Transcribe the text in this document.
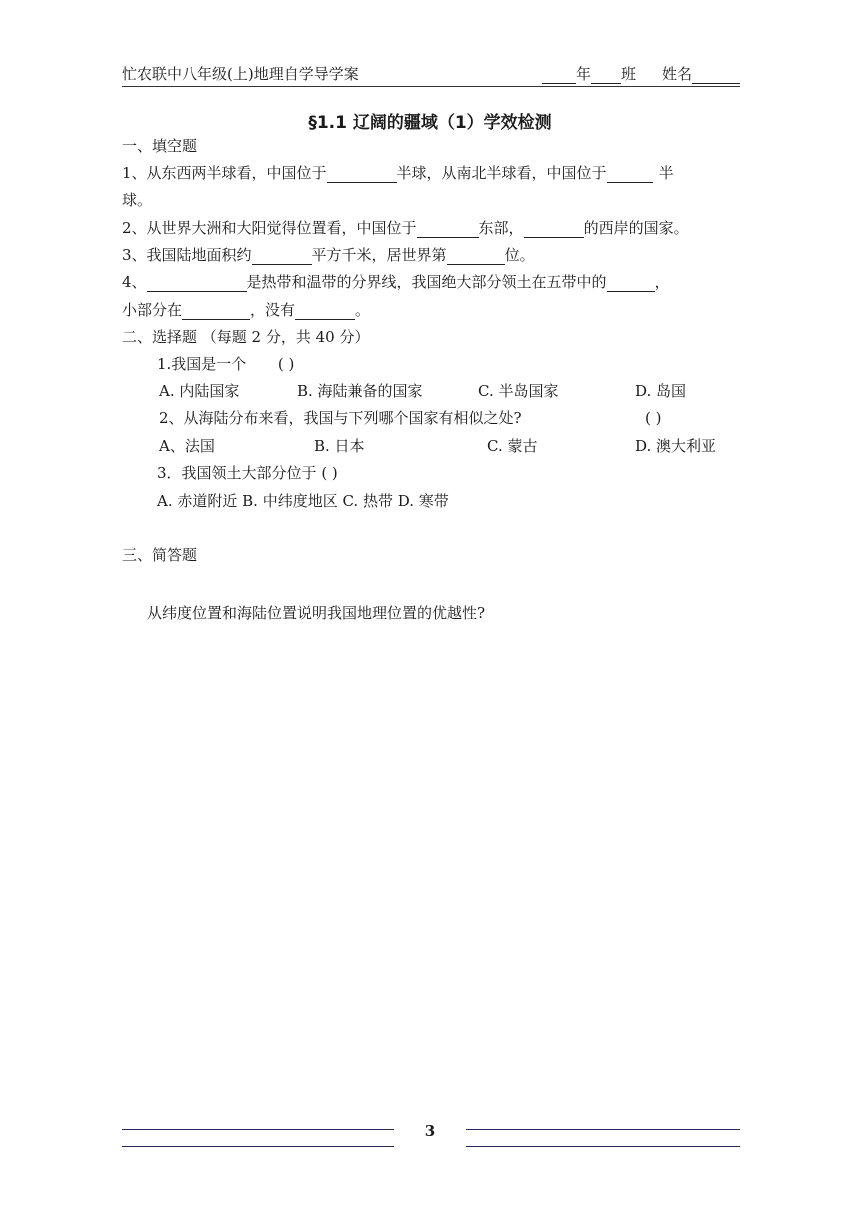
忙农联中八年级(上)地理自学导学案	年 班 姓名
§1.1 辽阔的疆域（1）学效检测
一、填空题
1、从东西两半球看，中国位于	半球，从南北半球看，中国位于	半
球。
2、从世界大洲和大阳觉得位置看，中国位于	东部，	的西岸的国家。
3、我国陆地面积约	平方千米，居世界第	位。
4、	是热带和温带的分界线，我国绝大部分领土在五带中的	，
小部分在	，没有	。
二、选择题 （每题 2 分，共 40 分）
1.我国是一个 ( )
A. 内陆国家	B. 海陆兼备的国家	C. 半岛国家	D. 岛国
2、从海陆分布来看，我国与下列哪个国家有相似之处?	( )
A、法国	B. 日本	C. 蒙古	D. 澳大利亚
3．我国领土大部分位于 ( )
A. 赤道附近 B. 中纬度地区 C. 热带 D. 寒带
三、简答题
从纬度位置和海陆位置说明我国地理位置的优越性?
3
